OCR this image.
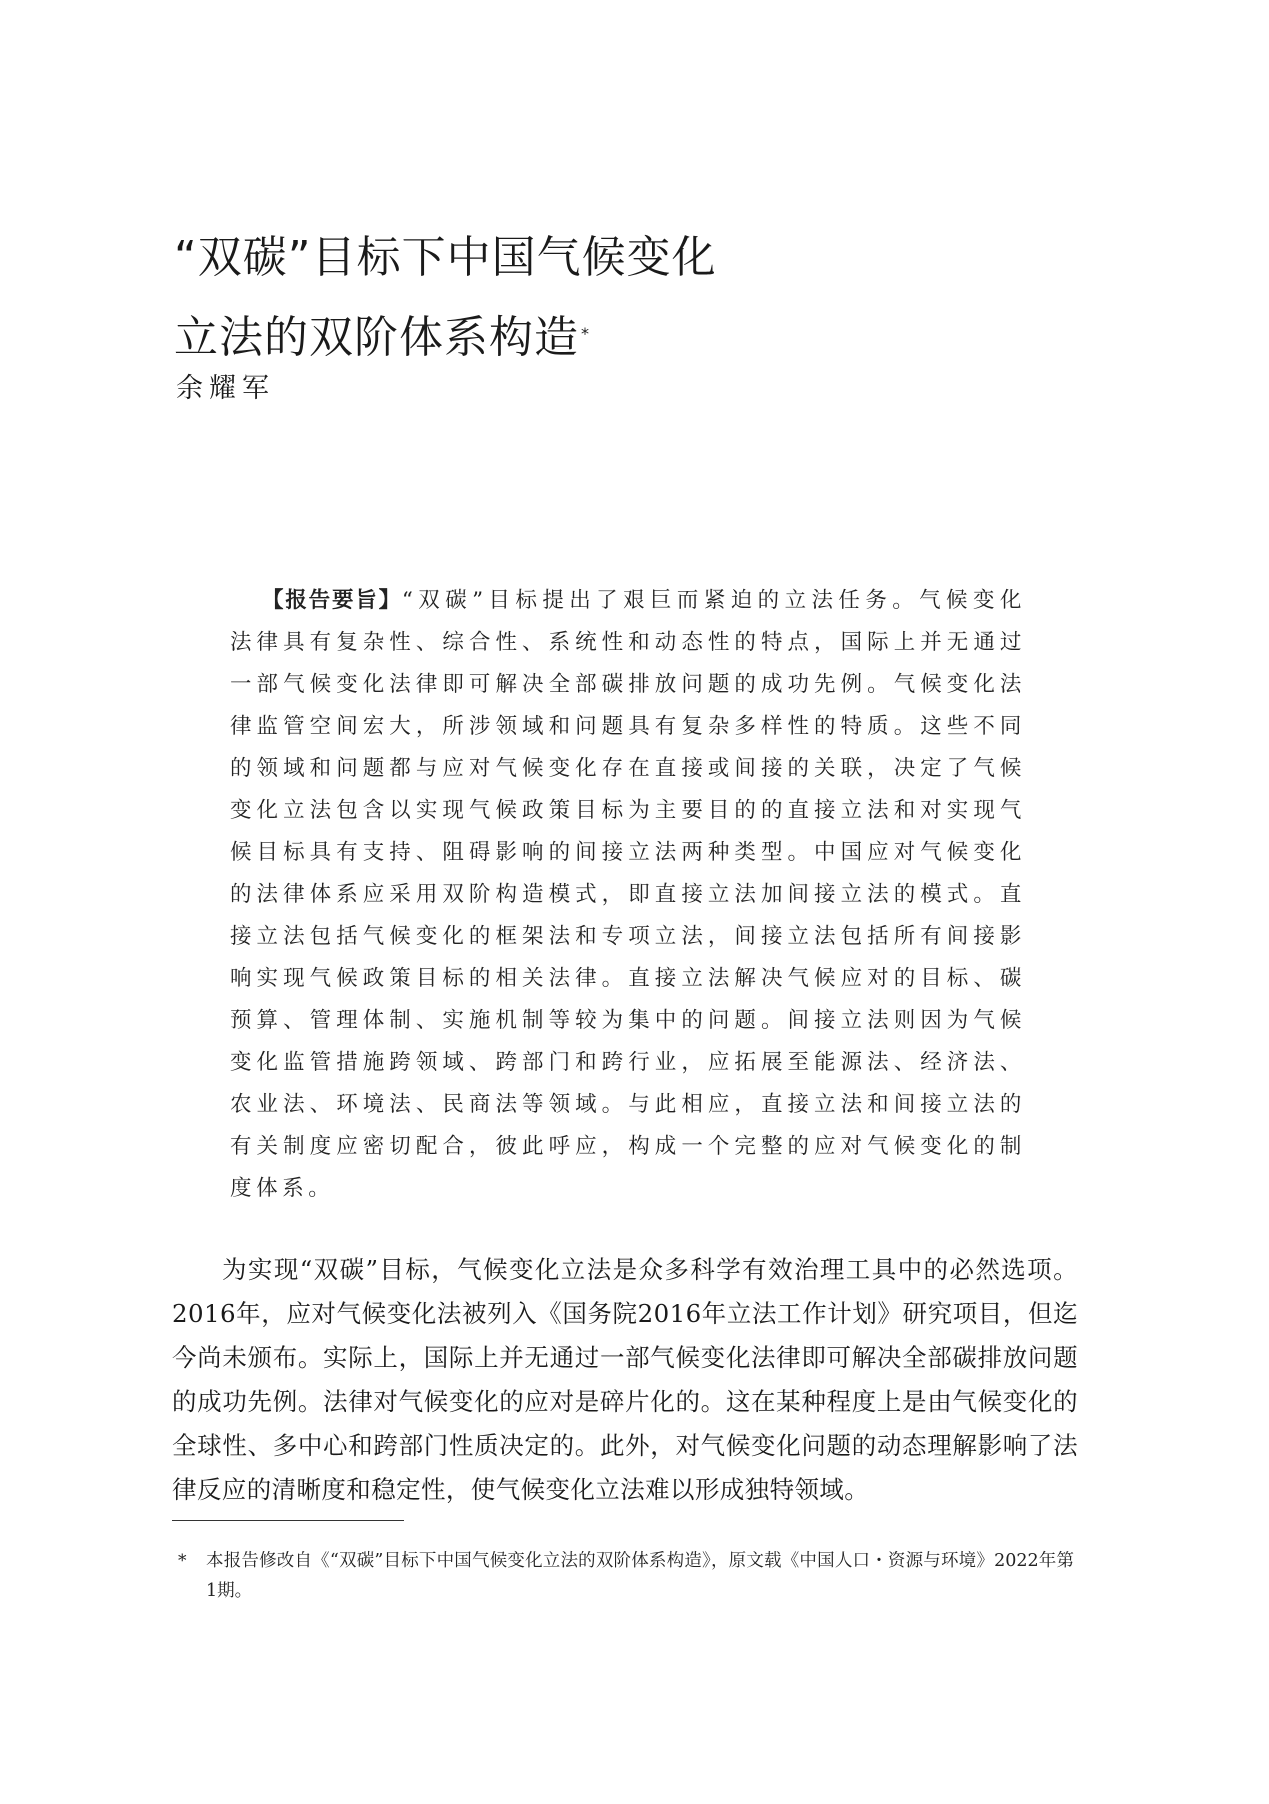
“双碳”目标下中国气候变化
立法的双阶体系构造 *
余耀军

【报告要旨】“双碳”目标提出了艰巨而紧迫的立法任务。气候变化法律具有复杂性、综合性、系统性和动态性的特点，国际上并无通过一部气候变化法律即可解决全部碳排放问题的成功先例。气候变化法律监管空间宏大，所涉领域和问题具有复杂多样性的特质。这些不同的领域和问题都与应对气候变化存在直接或间接的关联，决定了气候变化立法包含以实现气候政策目标为主要目的的直接立法和对实现气候目标具有支持、阻碍影响的间接立法两种类型。中国应对气候变化的法律体系应采用双阶构造模式，即直接立法加间接立法的模式。直接立法包括气候变化的框架法和专项立法，间接立法包括所有间接影响实现气候政策目标的相关法律。直接立法解决气候应对的目标、碳预算、管理体制、实施机制等较为集中的问题。间接立法则因为气候变化监管措施跨领域、跨部门和跨行业，应拓展至能源法、经济法、农业法、环境法、民商法等领域。与此相应，直接立法和间接立法的有关制度应密切配合，彼此呼应，构成一个完整的应对气候变化的制度体系。

为实现“双碳”目标，气候变化立法是众多科学有效治理工具中的必然选项。2016年，应对气候变化法被列入《国务院2016年立法工作计划》研究项目，但迄今尚未颁布。实际上，国际上并无通过一部气候变化法律即可解决全部碳排放问题的成功先例。法律对气候变化的应对是碎片化的。这在某种程度上是由气候变化的全球性、多中心和跨部门性质决定的。此外，对气候变化问题的动态理解影响了法律反应的清晰度和稳定性，使气候变化立法难以形成独特领域。

* 本报告修改自《“双碳”目标下中国气候变化立法的双阶体系构造》，原文载《中国人口・资源与环境》2022年第1期。
